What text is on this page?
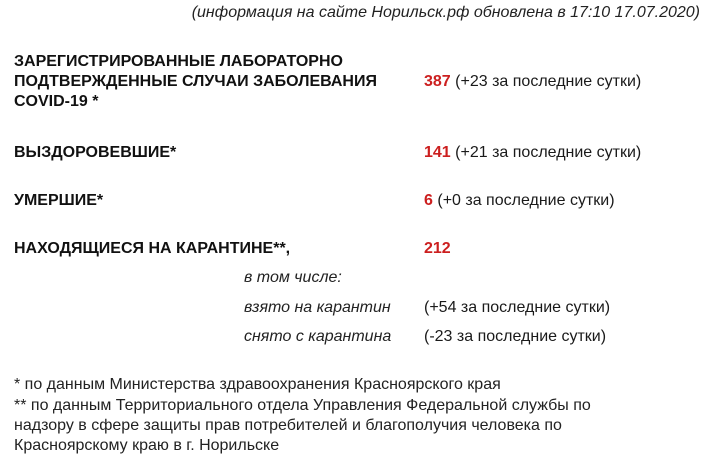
(информация на сайте Норильск.рф обновлена в 17:10 17.07.2020)
ЗАРЕГИСТРИРОВАННЫЕ ЛАБОРАТОРНО
ПОДТВЕРЖДЕННЫЕ СЛУЧАИ ЗАБОЛЕВАНИЯ
COVID-19 *
387 (+23 за последние сутки)
ВЫЗДОРОВЕВШИЕ*	141 (+21 за последние сутки)
УМЕРШИЕ*	6 (+0 за последние сутки)
НАХОДЯЩИЕСЯ НА КАРАНТИНЕ**,	212
в том числе:
взято на карантин (+54 за последние сутки)
снято с карантина (-23 за последние сутки)
* по данным Министерства здравоохранения Красноярского края
** по данным Территориального отдела Управления Федеральной службы по
надзору в сфере защиты прав потребителей и благополучия человека по
Красноярскому краю в г. Норильске
